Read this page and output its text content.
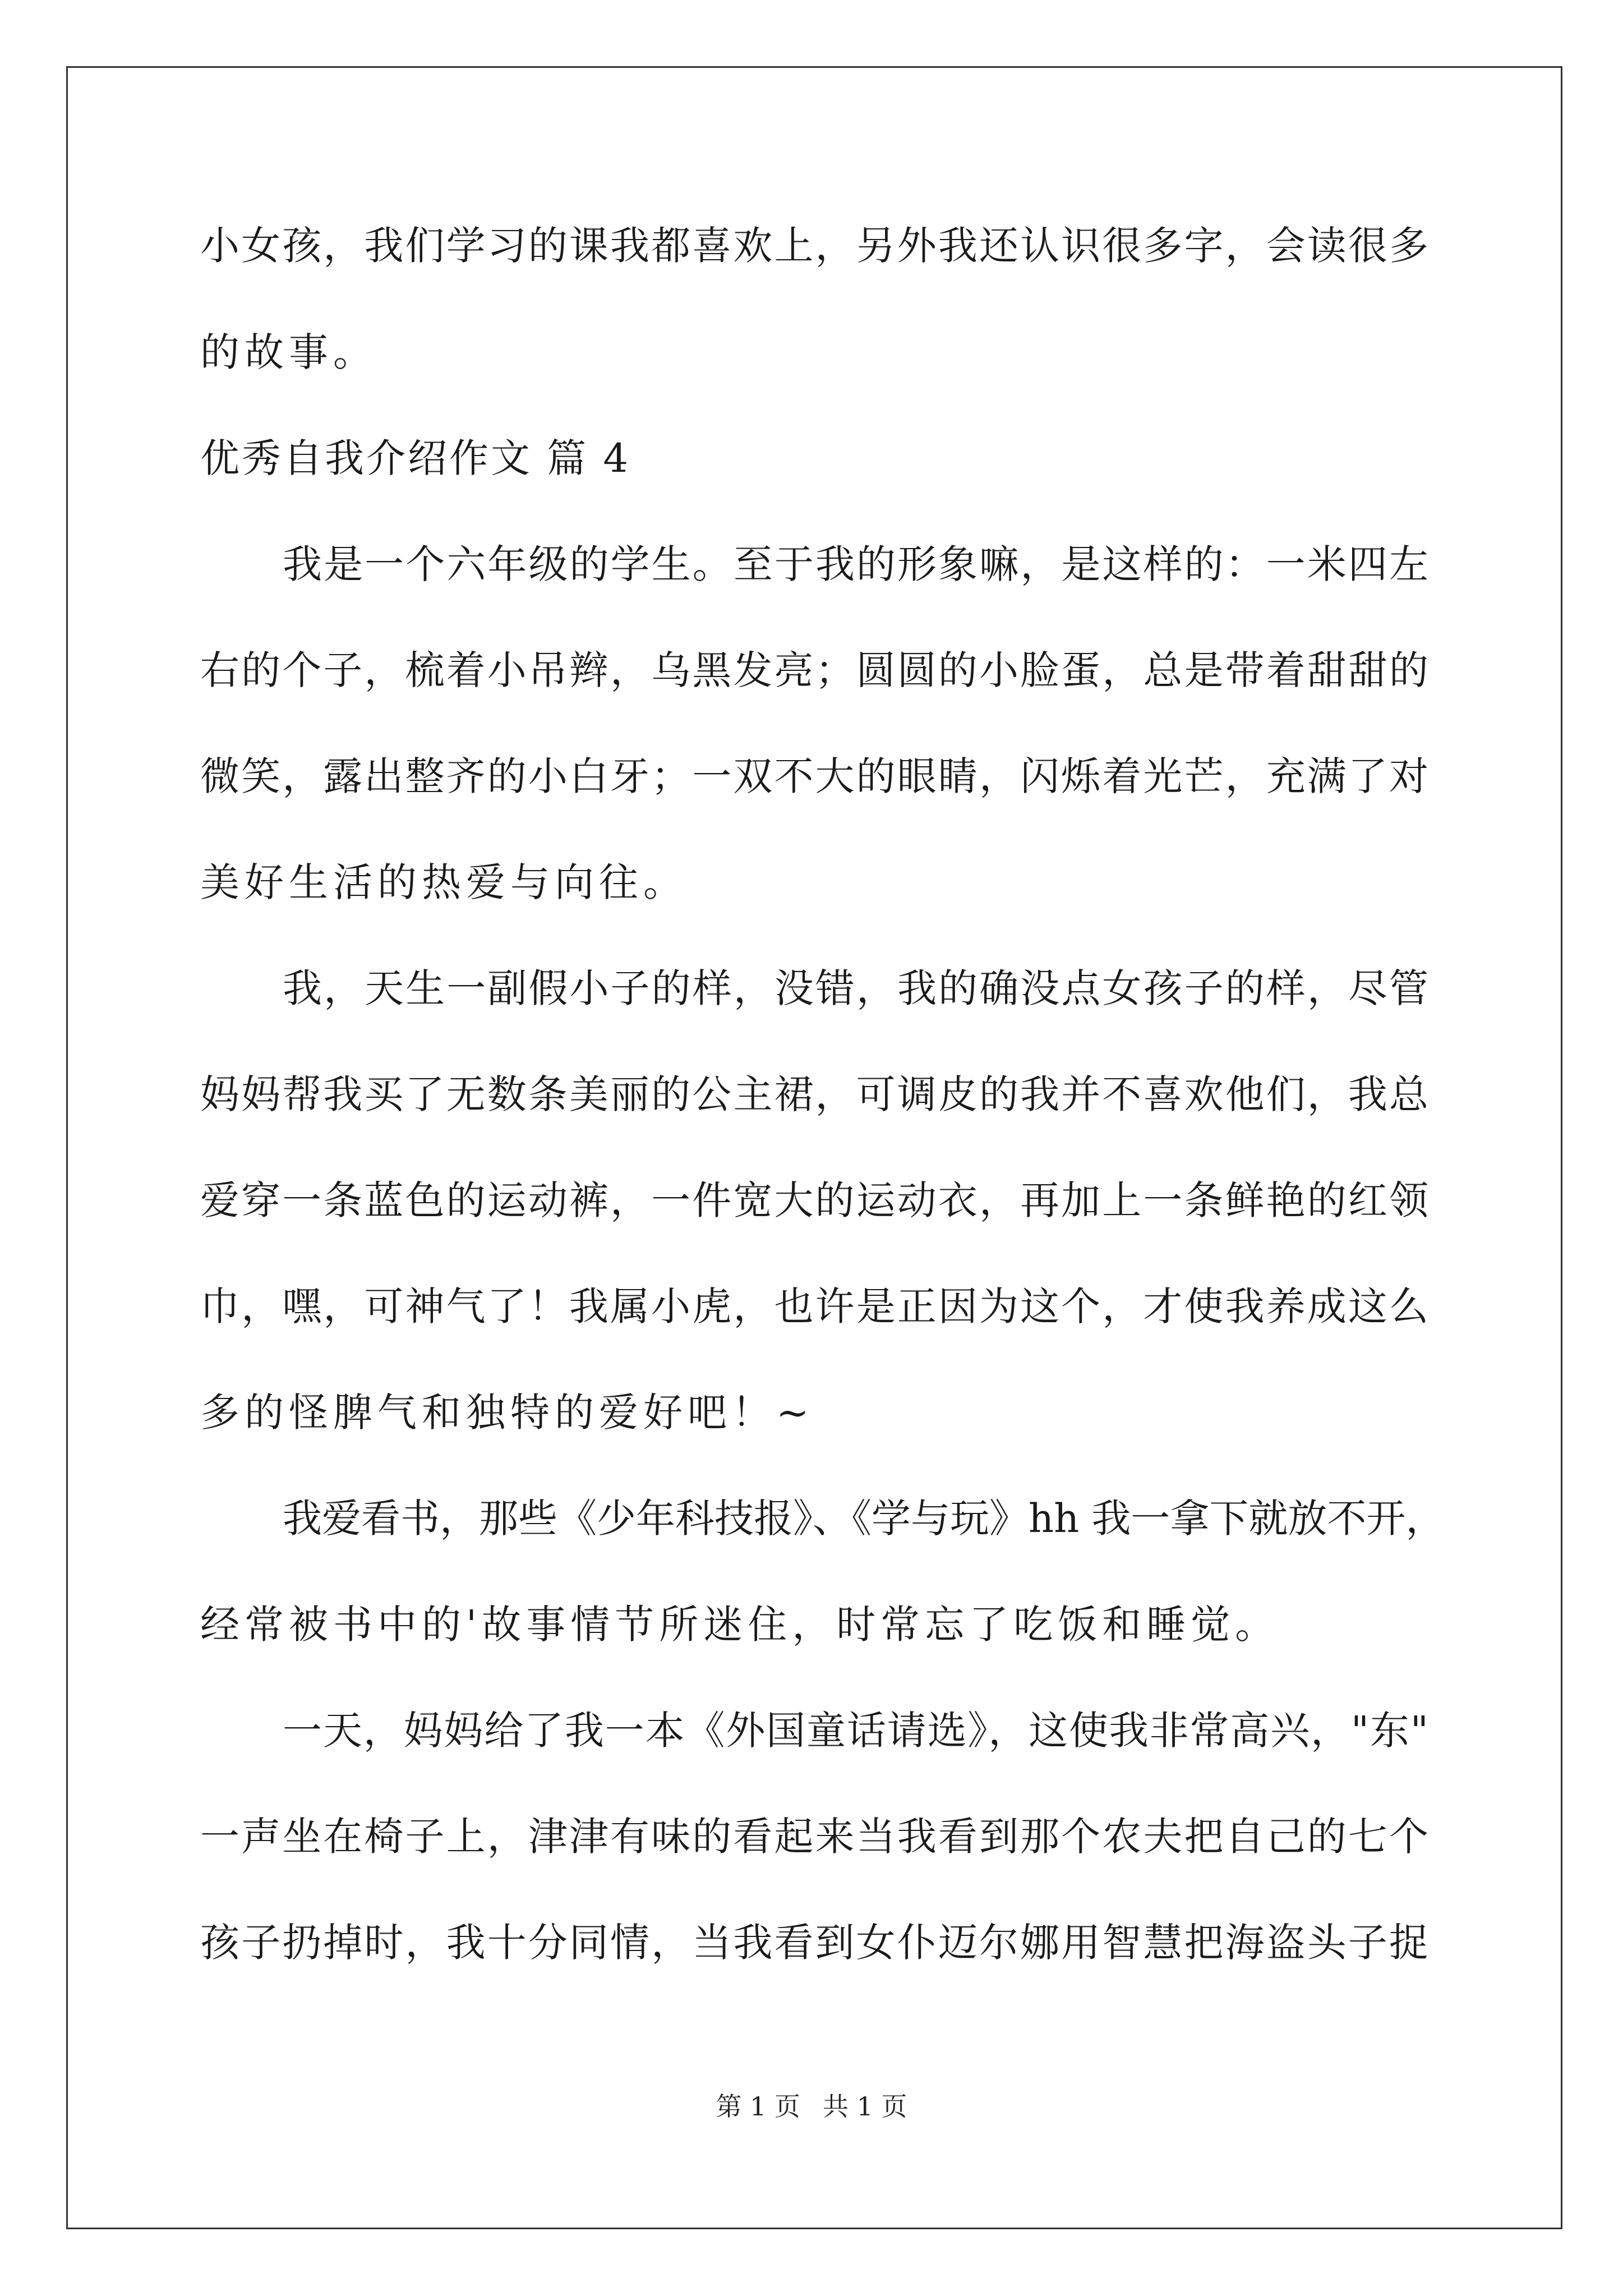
小女孩，我们学习的课我都喜欢上，另外我还认识很多字，会读很多
的故事。
优秀自我介绍作文 篇 4
我是一个六年级的学生。至于我的形象嘛，是这样的：一米四左
右的个子，梳着小吊辫，乌黑发亮；圆圆的小脸蛋，总是带着甜甜的
微笑，露出整齐的小白牙；一双不大的眼睛，闪烁着光芒，充满了对
美好生活的热爱与向往。
我，天生一副假小子的样，没错，我的确没点女孩子的样，尽管
妈妈帮我买了无数条美丽的公主裙，可调皮的我并不喜欢他们，我总
爱穿一条蓝色的运动裤，一件宽大的运动衣，再加上一条鲜艳的红领
巾，嘿，可神气了！我属小虎，也许是正因为这个，才使我养成这么
多的怪脾气和独特的爱好吧！~
我爱看书，那些《少年科技报》、《学与玩》hh 我一拿下就放不开，
经常被书中的'故事情节所迷住，时常忘了吃饭和睡觉。
一天，妈妈给了我一本《外国童话请选》，这使我非常高兴，"东"
一声坐在椅子上，津津有味的看起来当我看到那个农夫把自己的七个
孩子扔掉时，我十分同情，当我看到女仆迈尔娜用智慧把海盗头子捉
第 1 页 共 1 页
